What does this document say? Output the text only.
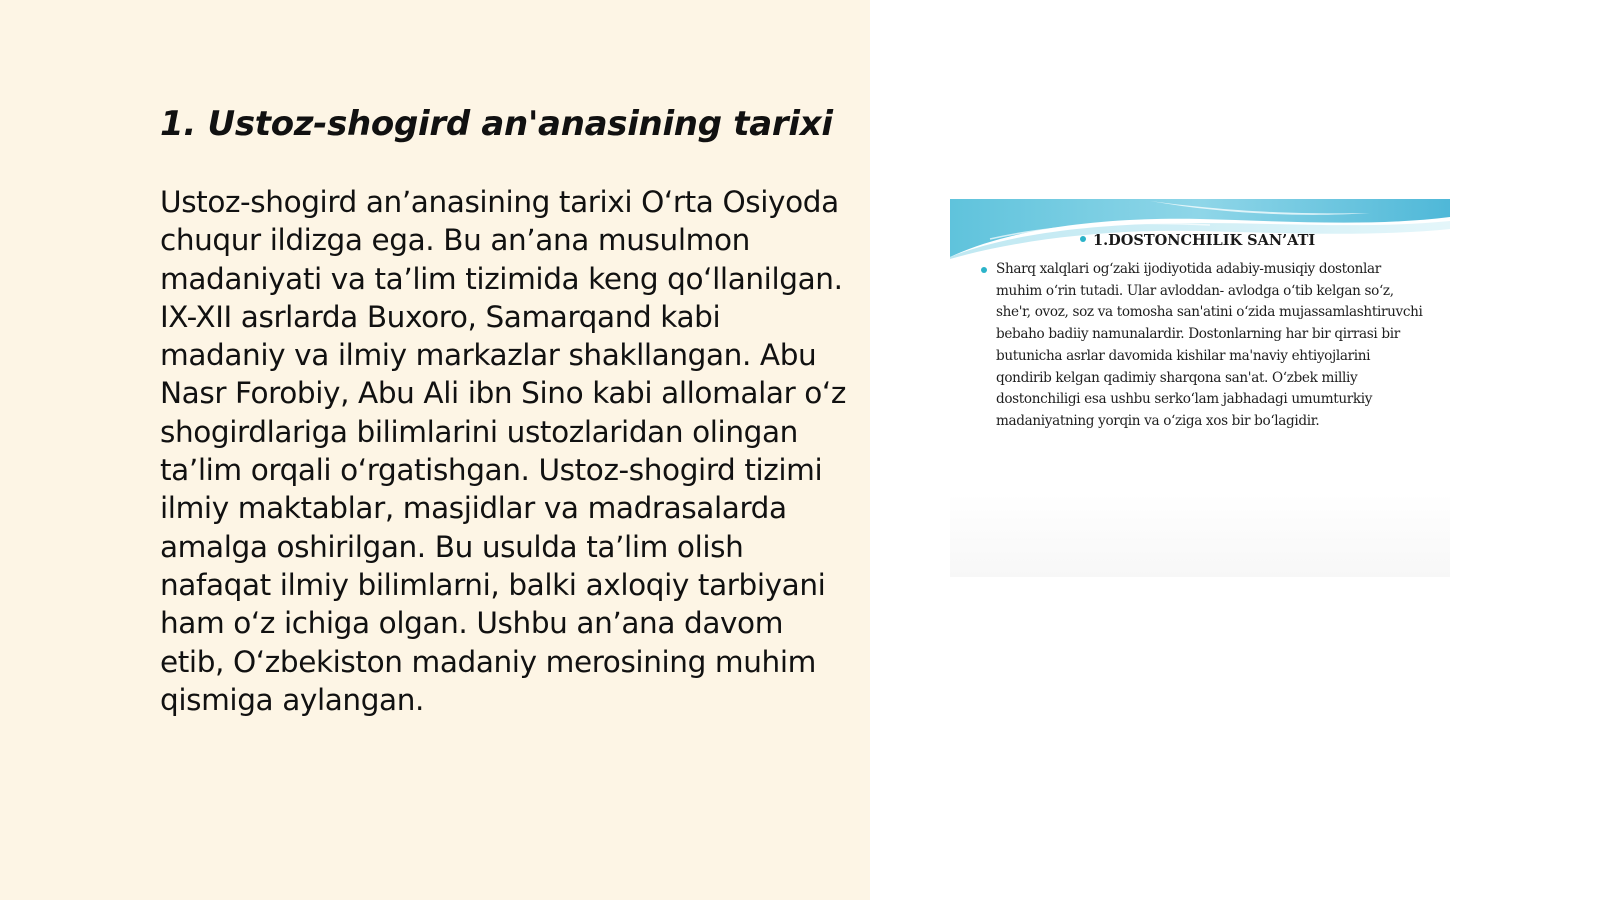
1. Ustoz-shogird an'anasining tarixi

Ustoz-shogird an’anasining tarixi O‘rta Osiyoda chuqur ildizga ega. Bu an’ana musulmon madaniyati va ta’lim tizimida keng qo‘llanilgan. IX-XII asrlarda Buxoro, Samarqand kabi madaniy va ilmiy markazlar shakllangan. Abu Nasr Forobiy, Abu Ali ibn Sino kabi allomalar o‘z shogirdlariga bilimlarini ustozlaridan olingan ta’lim orqali o‘rgatishgan. Ustoz-shogird tizimi ilmiy maktablar, masjidlar va madrasalarda amalga oshirilgan. Bu usulda ta’lim olish nafaqat ilmiy bilimlarni, balki axloqiy tarbiyani ham o‘z ichiga olgan. Ushbu an’ana davom etib, O‘zbekiston madaniy merosining muhim qismiga aylangan.

1.DOSTONCHILIK SAN’ATI
Sharq xalqlari og‘zaki ijodiyotida adabiy-musiqiy dostonlar muhim o‘rin tutadi. Ular avloddan- avlodga o‘tib kelgan so‘z, she'r, ovoz, soz va tomosha san'atini o‘zida mujassamlashtiruvchi bebaho badiiy namunalardir. Dostonlarning har bir qirrasi bir butunicha asrlar davomida kishilar ma'naviy ehtiyojlarini qondirib kelgan qadimiy sharqona san'at. O‘zbek milliy dostonchiligi esa ushbu serko‘lam jabhadagi umumturkiy madaniyatning yorqin va o‘ziga xos bir bo‘lagidir.
